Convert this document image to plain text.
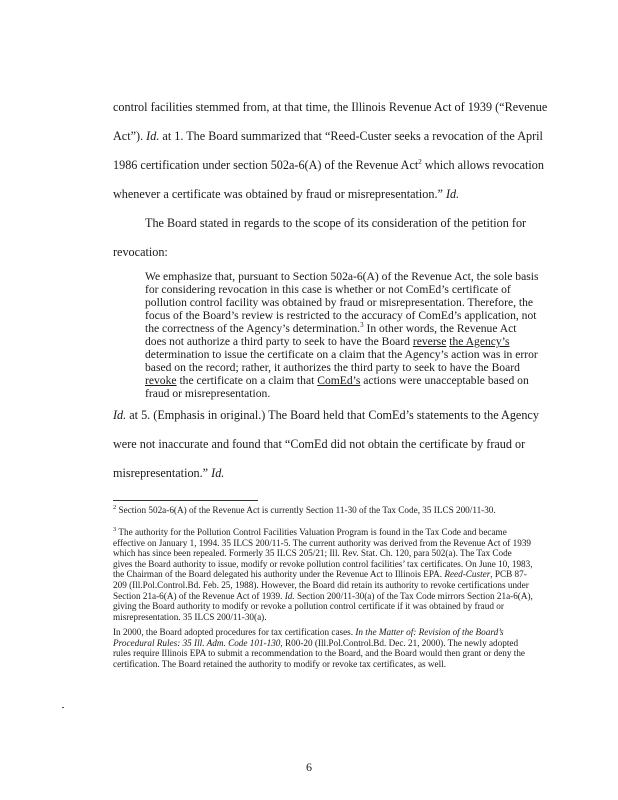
control facilities stemmed from, at that time, the Illinois Revenue Act of 1939 (“Revenue
Act”). Id. at 1. The Board summarized that “Reed-Custer seeks a revocation of the April
1986 certification under section 502a-6(A) of the Revenue Act$^2$ which allows revocation
whenever a certificate was obtained by fraud or misrepresentation.” Id.
The Board stated in regards to the scope of its consideration of the petition for
revocation:

We emphasize that, pursuant to Section 502a-6(A) of the Revenue Act, the sole basis for considering revocation in this case is whether or not ComEd’s certificate of pollution control facility was obtained by fraud or misrepresentation. Therefore, the focus of the Board’s review is restricted to the accuracy of ComEd’s application, not the correctness of the Agency’s determination.$^3$ In other words, the Revenue Act does not authorize a third party to seek to have the Board reverse the Agency’s determination to issue the certificate on a claim that the Agency’s action was in error based on the record; rather, it authorizes the third party to seek to have the Board revoke the certificate on a claim that ComEd’s actions were unacceptable based on fraud or misrepresentation.

Id. at 5. (Emphasis in original.) The Board held that ComEd’s statements to the Agency
were not inaccurate and found that “ComEd did not obtain the certificate by fraud or
misrepresentation.” Id.

$^2$ Section 502a-6(A) of the Revenue Act is currently Section 11-30 of the Tax Code, 35 ILCS 200/11-30.

$^3$ The authority for the Pollution Control Facilities Valuation Program is found in the Tax Code and became effective on January 1, 1994. 35 ILCS 200/11-5. The current authority was derived from the Revenue Act of 1939 which has since been repealed. Formerly 35 ILCS 205/21; Ill. Rev. Stat. Ch. 120, para 502(a). The Tax Code gives the Board authority to issue, modify or revoke pollution control facilities’ tax certificates. On June 10, 1983, the Chairman of the Board delegated his authority under the Revenue Act to Illinois EPA. Reed-Custer, PCB 87-209 (Ill.Pol.Control.Bd. Feb. 25, 1988). However, the Board did retain its authority to revoke certifications under Section 21a-6(A) of the Revenue Act of 1939. Id. Section 200/11-30(a) of the Tax Code mirrors Section 21a-6(A), giving the Board authority to modify or revoke a pollution control certificate if it was obtained by fraud or misrepresentation. 35 ILCS 200/11-30(a).

In 2000, the Board adopted procedures for tax certification cases. In the Matter of: Revision of the Board’s Procedural Rules: 35 Ill. Adm. Code 101-130, R00-20 (Ill.Pol.Control.Bd. Dec. 21, 2000). The newly adopted rules require Illinois EPA to submit a recommendation to the Board, and the Board would then grant or deny the certification. The Board retained the authority to modify or revoke tax certificates, as well.

6
